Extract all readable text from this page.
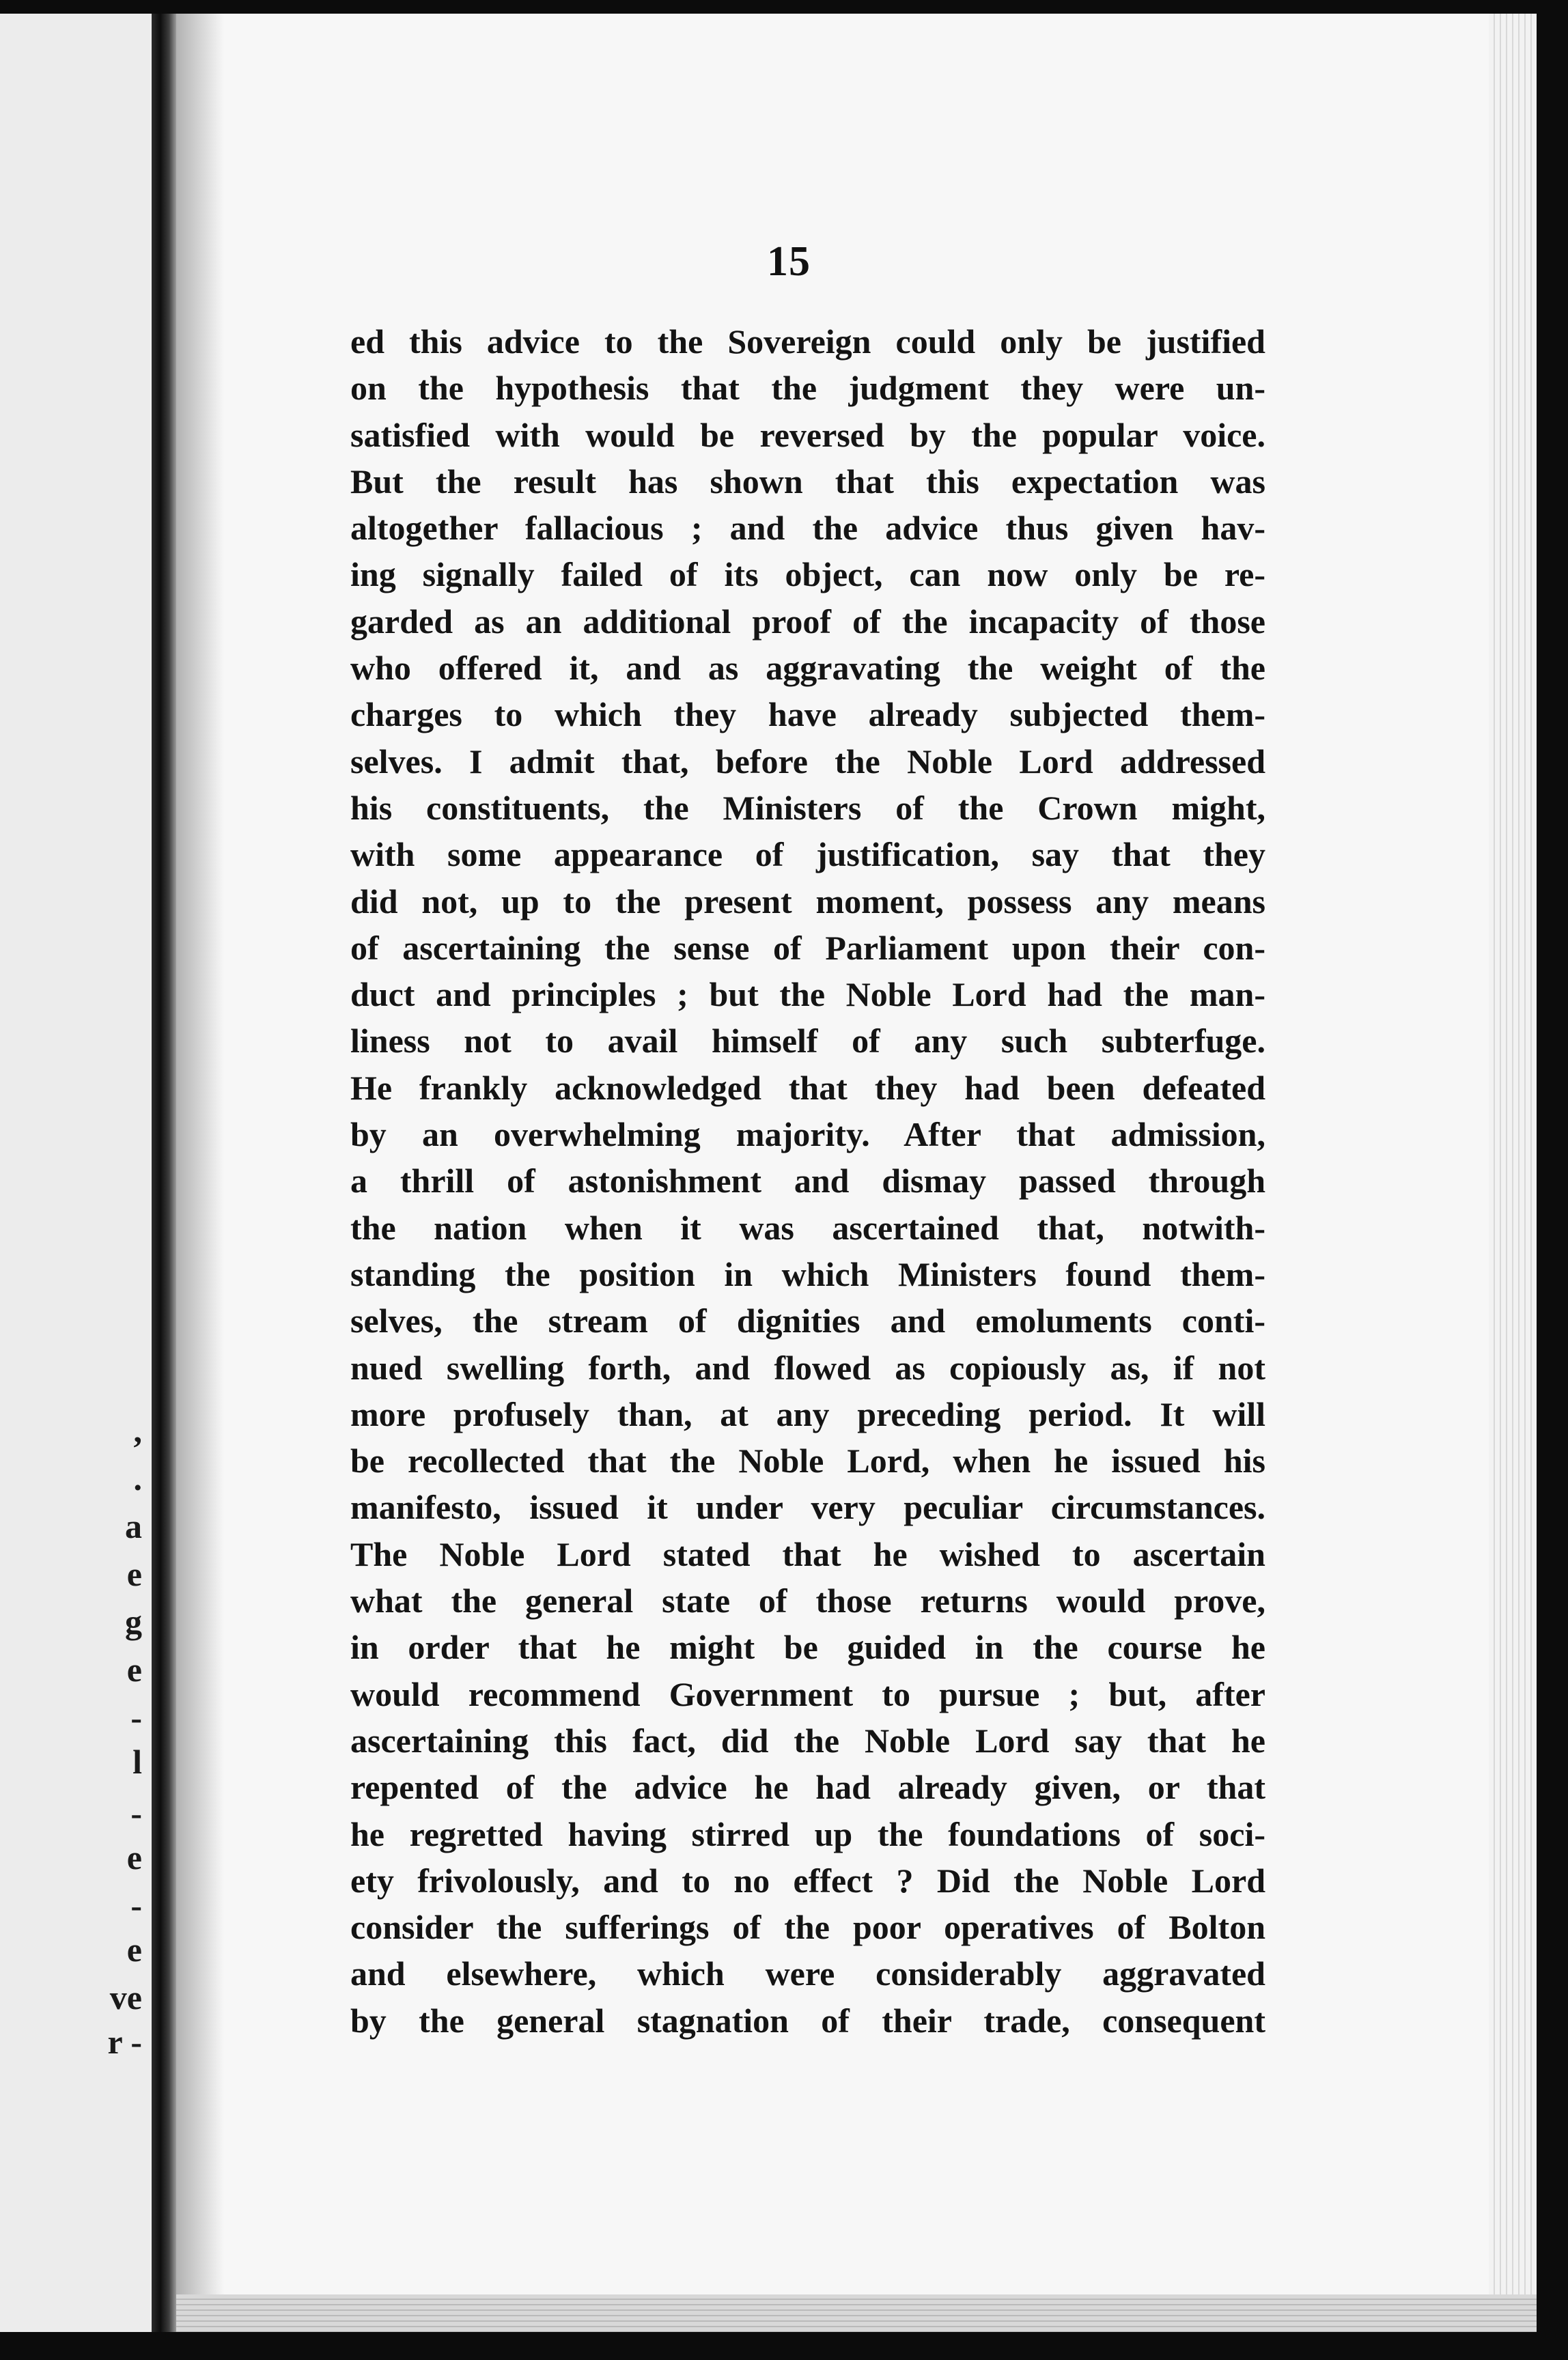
,
.
a
e
g
e
-
l
-
e
-
e
ve
r -
15
ed this advice to the Sovereign could only be justified
on the hypothesis that the judgment they were un-
satisfied with would be reversed by the popular voice.
But the result has shown that this expectation was
altogether fallacious ; and the advice thus given hav-
ing signally failed of its object, can now only be re-
garded as an additional proof of the incapacity of those
who offered it, and as aggravating the weight of the
charges to which they have already subjected them-
selves. I admit that, before the Noble Lord addressed
his constituents, the Ministers of the Crown might,
with some appearance of justification, say that they
did not, up to the present moment, possess any means
of ascertaining the sense of Parliament upon their con-
duct and principles ; but the Noble Lord had the man-
liness not to avail himself of any such subterfuge.
He frankly acknowledged that they had been defeated
by an overwhelming majority. After that admission,
a thrill of astonishment and dismay passed through
the nation when it was ascertained that, notwith-
standing the position in which Ministers found them-
selves, the stream of dignities and emoluments conti-
nued swelling forth, and flowed as copiously as, if not
more profusely than, at any preceding period. It will
be recollected that the Noble Lord, when he issued his
manifesto, issued it under very peculiar circumstances.
The Noble Lord stated that he wished to ascertain
what the general state of those returns would prove,
in order that he might be guided in the course he
would recommend Government to pursue ; but, after
ascertaining this fact, did the Noble Lord say that he
repented of the advice he had already given, or that
he regretted having stirred up the foundations of soci-
ety frivolously, and to no effect ? Did the Noble Lord
consider the sufferings of the poor operatives of Bolton
and elsewhere, which were considerably aggravated
by the general stagnation of their trade, consequent
